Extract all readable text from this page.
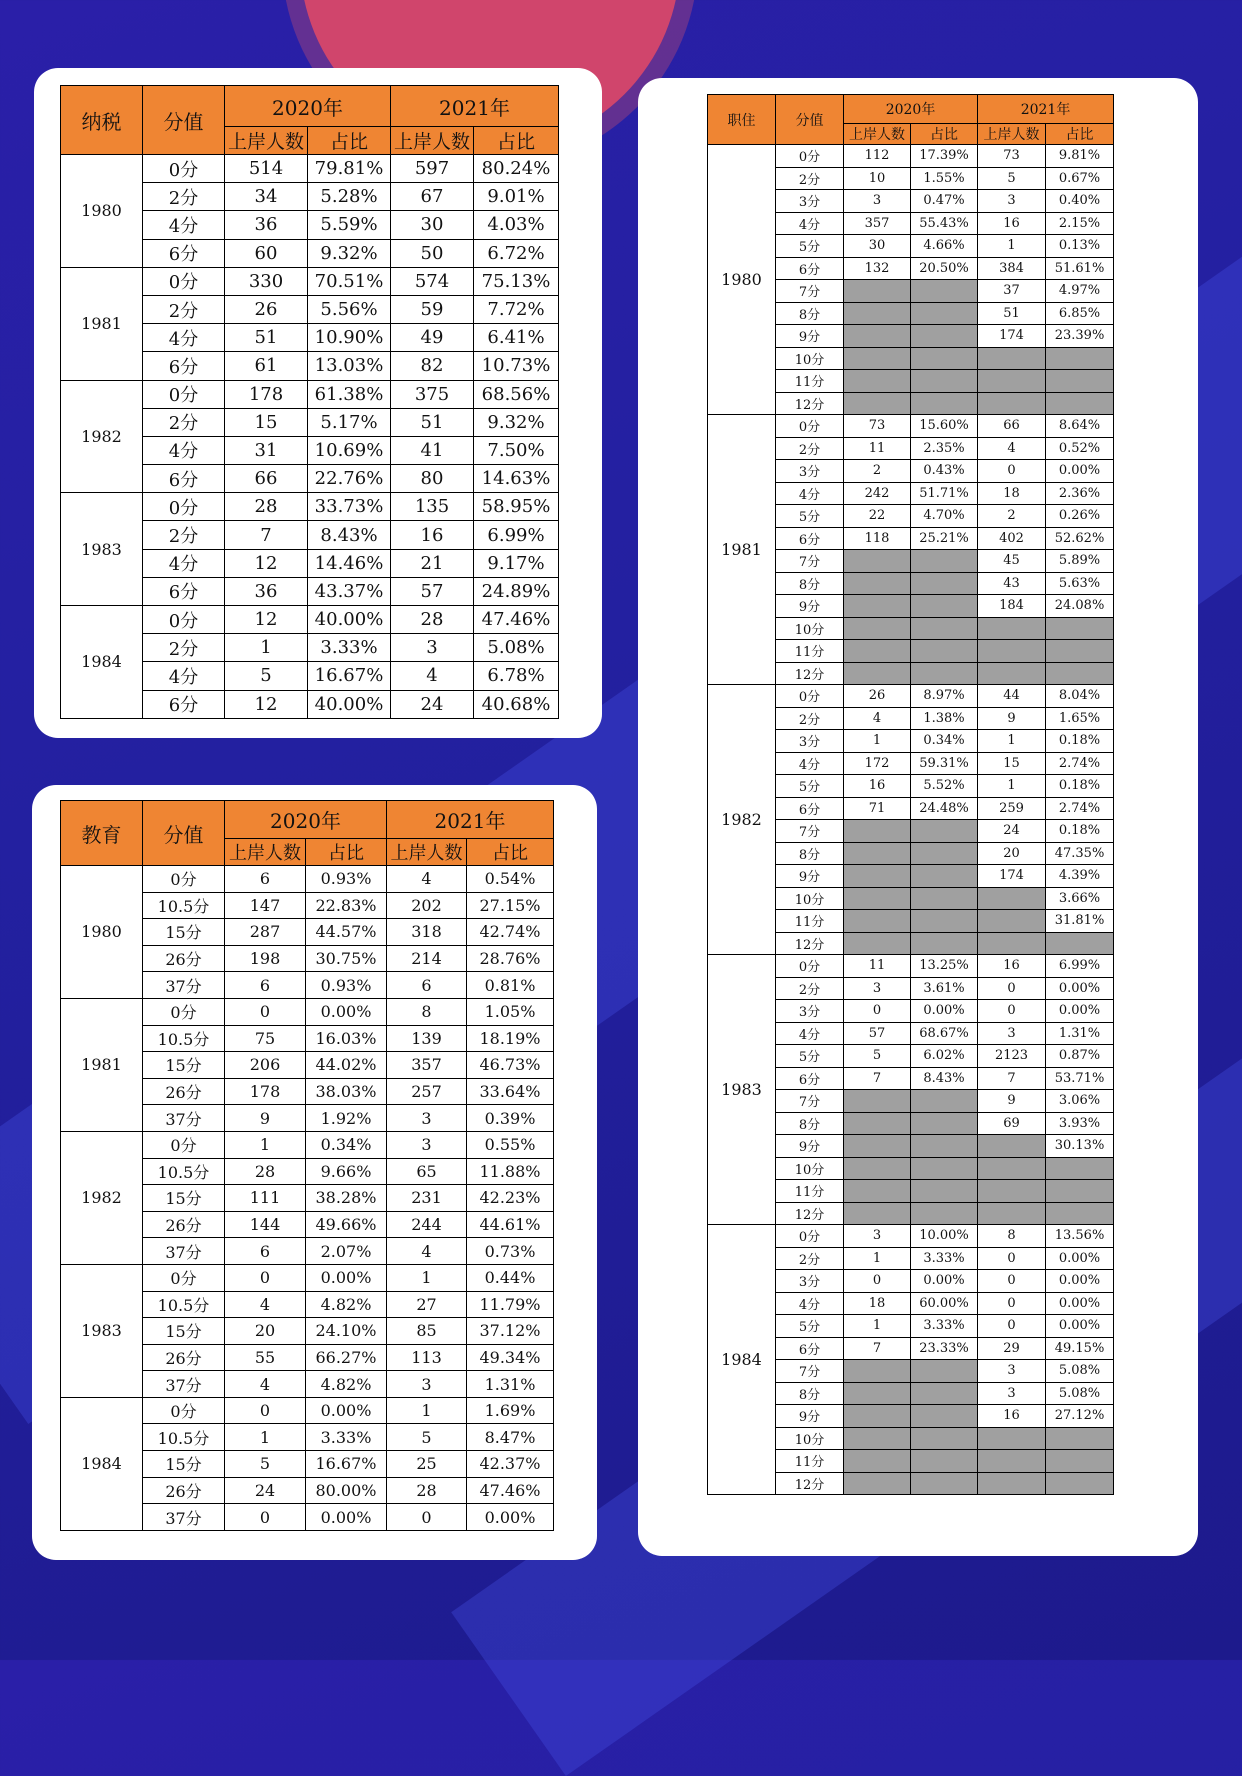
纳税	分值	2020年		2021年	
		上岸人数	占比	上岸人数	占比
1980	0分	514	79.81%	597	80.24%
	2分	34	5.28%	67	9.01%
	4分	36	5.59%	30	4.03%
	6分	60	9.32%	50	6.72%
1981	0分	330	70.51%	574	75.13%
	2分	26	5.56%	59	7.72%
	4分	51	10.90%	49	6.41%
	6分	61	13.03%	82	10.73%
1982	0分	178	61.38%	375	68.56%
	2分	15	5.17%	51	9.32%
	4分	31	10.69%	41	7.50%
	6分	66	22.76%	80	14.63%
1983	0分	28	33.73%	135	58.95%
	2分	7	8.43%	16	6.99%
	4分	12	14.46%	21	9.17%
	6分	36	43.37%	57	24.89%
1984	0分	12	40.00%	28	47.46%
	2分	1	3.33%	3	5.08%
	4分	5	16.67%	4	6.78%
	6分	12	40.00%	24	40.68%
教育	分值	2020年		2021年	
		上岸人数	占比	上岸人数	占比
1980	0分	6	0.93%	4	0.54%
	10.5分	147	22.83%	202	27.15%
	15分	287	44.57%	318	42.74%
	26分	198	30.75%	214	28.76%
	37分	6	0.93%	6	0.81%
1981	0分	0	0.00%	8	1.05%
	10.5分	75	16.03%	139	18.19%
	15分	206	44.02%	357	46.73%
	26分	178	38.03%	257	33.64%
	37分	9	1.92%	3	0.39%
1982	0分	1	0.34%	3	0.55%
	10.5分	28	9.66%	65	11.88%
	15分	111	38.28%	231	42.23%
	26分	144	49.66%	244	44.61%
	37分	6	2.07%	4	0.73%
1983	0分	0	0.00%	1	0.44%
	10.5分	4	4.82%	27	11.79%
	15分	20	24.10%	85	37.12%
	26分	55	66.27%	113	49.34%
	37分	4	4.82%	3	1.31%
1984	0分	0	0.00%	1	1.69%
	10.5分	1	3.33%	5	8.47%
	15分	5	16.67%	25	42.37%
	26分	24	80.00%	28	47.46%
	37分	0	0.00%	0	0.00%
职住	分值	2020年		2021年	
		上岸人数	占比	上岸人数	占比
1980	0分	112	17.39%	73	9.81%
	2分	10	1.55%	5	0.67%
	3分	3	0.47%	3	0.40%
	4分	357	55.43%	16	2.15%
	5分	30	4.66%	1	0.13%
	6分	132	20.50%	384	51.61%
	7分			37	4.97%
	8分			51	6.85%
	9分			174	23.39%
	10分				
	11分				
	12分				
1981	0分	73	15.60%	66	8.64%
	2分	11	2.35%	4	0.52%
	3分	2	0.43%	0	0.00%
	4分	242	51.71%	18	2.36%
	5分	22	4.70%	2	0.26%
	6分	118	25.21%	402	52.62%
	7分			45	5.89%
	8分			43	5.63%
	9分			184	24.08%
	10分				
	11分				
	12分				
1982	0分	26	8.97%	44	8.04%
	2分	4	1.38%	9	1.65%
	3分	1	0.34%	1	0.18%
	4分	172	59.31%	15	2.74%
	5分	16	5.52%	1	0.18%
	6分	71	24.48%	259	2.74%
	7分			24	0.18%
	8分			20	47.35%
	9分			174	4.39%
	10分				3.66%
	11分				31.81%
	12分				
1983	0分	11	13.25%	16	6.99%
	2分	3	3.61%	0	0.00%
	3分	0	0.00%	0	0.00%
	4分	57	68.67%	3	1.31%
	5分	5	6.02%	2123	0.87%
	6分	7	8.43%	7	53.71%
	7分			9	3.06%
	8分			69	3.93%
	9分				30.13%
	10分				
	11分				
	12分				
1984	0分	3	10.00%	8	13.56%
	2分	1	3.33%	0	0.00%
	3分	0	0.00%	0	0.00%
	4分	18	60.00%	0	0.00%
	5分	1	3.33%	0	0.00%
	6分	7	23.33%	29	49.15%
	7分			3	5.08%
	8分			3	5.08%
	9分			16	27.12%
	10分				
	11分				
	12分				
